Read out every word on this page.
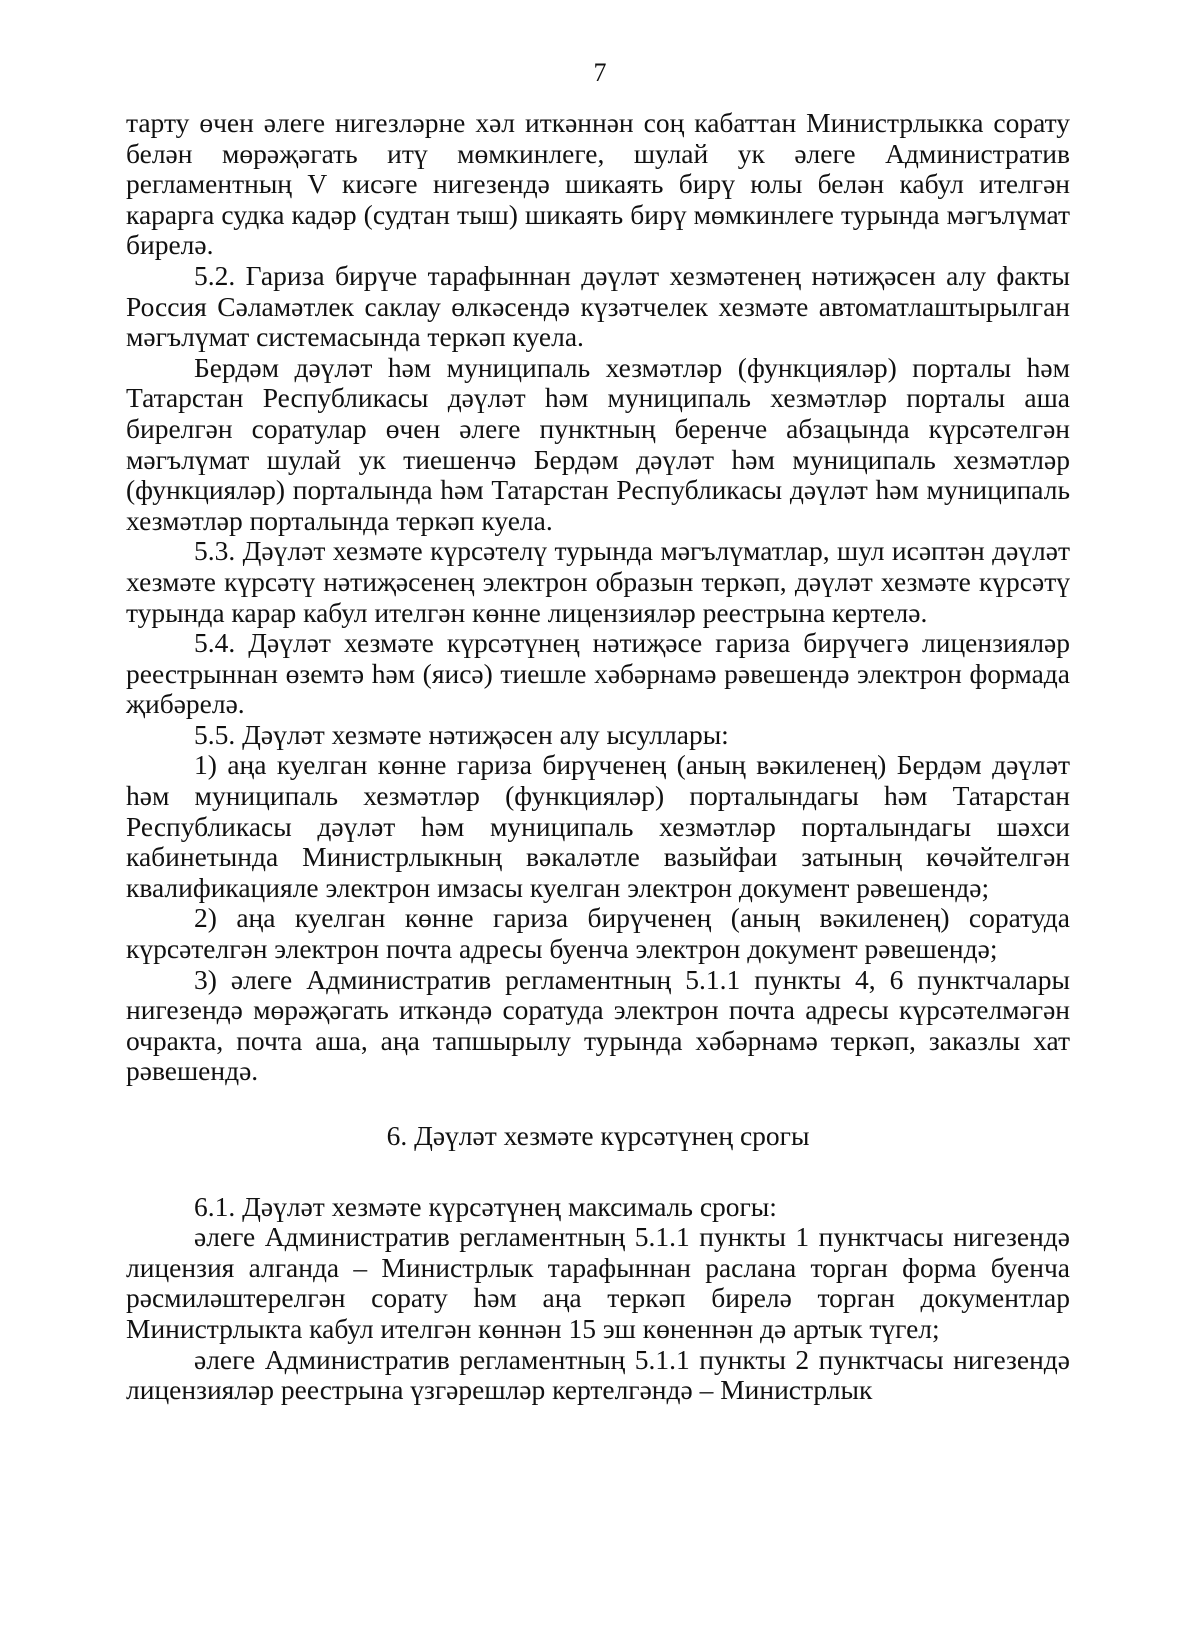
7

тарту өчен әлеге нигезләрне хәл иткәннән соң кабаттан Министрлыкка сорату белән мөрәҗәгать итү мөмкинлеге, шулай ук әлеге Административ регламентның V кисәге нигезендә шикаять бирү юлы белән кабул ителгән карарга судка кадәр (судтан тыш) шикаять бирү мөмкинлеге турында мәгълүмат бирелә.

5.2. Гариза бирүче тарафыннан дәүләт хезмәтенең нәтиҗәсен алу факты Россия Сәламәтлек саклау өлкәсендә күзәтчелек хезмәте автоматлаштырылган мәгълүмат системасында теркәп куела.

Бердәм дәүләт һәм муниципаль хезмәтләр (функцияләр) порталы һәм Татарстан Республикасы дәүләт һәм муниципаль хезмәтләр порталы аша бирелгән соратулар өчен әлеге пунктның беренче абзацында күрсәтелгән мәгълүмат шулай ук тиешенчә Бердәм дәүләт һәм муниципаль хезмәтләр (функцияләр) порталында һәм Татарстан Республикасы дәүләт һәм муниципаль хезмәтләр порталында теркәп куела.

5.3. Дәүләт хезмәте күрсәтелү турында мәгълүматлар, шул исәптән дәүләт хезмәте күрсәтү нәтиҗәсенең электрон образын теркәп, дәүләт хезмәте күрсәтү турында карар кабул ителгән көнне лицензияләр реестрына кертелә.

5.4. Дәүләт хезмәте күрсәтүнең нәтиҗәсе гариза бирүчегә лицензияләр реестрыннан өземтә һәм (яисә) тиешле хәбәрнамә рәвешендә электрон формада җибәрелә.

5.5. Дәүләт хезмәте нәтиҗәсен алу ысуллары:

1) аңа куелган көнне гариза бирүченең (аның вәкиленең) Бердәм дәүләт һәм муниципаль хезмәтләр (функцияләр) порталындагы һәм Татарстан Республикасы дәүләт һәм муниципаль хезмәтләр порталындагы шәхси кабинетында Министрлыкның вәкаләтле вазыйфаи затының көчәйтелгән квалификацияле электрон имзасы куелган электрон документ рәвешендә;

2) аңа куелган көнне гариза бирүченең (аның вәкиленең) соратуда күрсәтелгән электрон почта адресы буенча электрон документ рәвешендә;

3) әлеге Административ регламентның 5.1.1 пункты 4, 6 пунктчалары нигезендә мөрәҗәгать иткәндә соратуда электрон почта адресы күрсәтелмәгән очракта, почта аша, аңа тапшырылу турында хәбәрнамә теркәп, заказлы хат рәвешендә.

6. Дәүләт хезмәте күрсәтүнең срогы

6.1. Дәүләт хезмәте күрсәтүнең максималь срогы:

әлеге Административ регламентның 5.1.1 пункты 1 пунктчасы нигезендә лицензия алганда – Министрлык тарафыннан раслана торган форма буенча рәсмиләштерелгән сорату һәм аңа теркәп бирелә торган документлар Министрлыкта кабул ителгән көннән 15 эш көненнән дә артык түгел;

әлеге Административ регламентның 5.1.1 пункты 2 пунктчасы нигезендә лицензияләр реестрына үзгәрешләр кертелгәндә – Министрлык
